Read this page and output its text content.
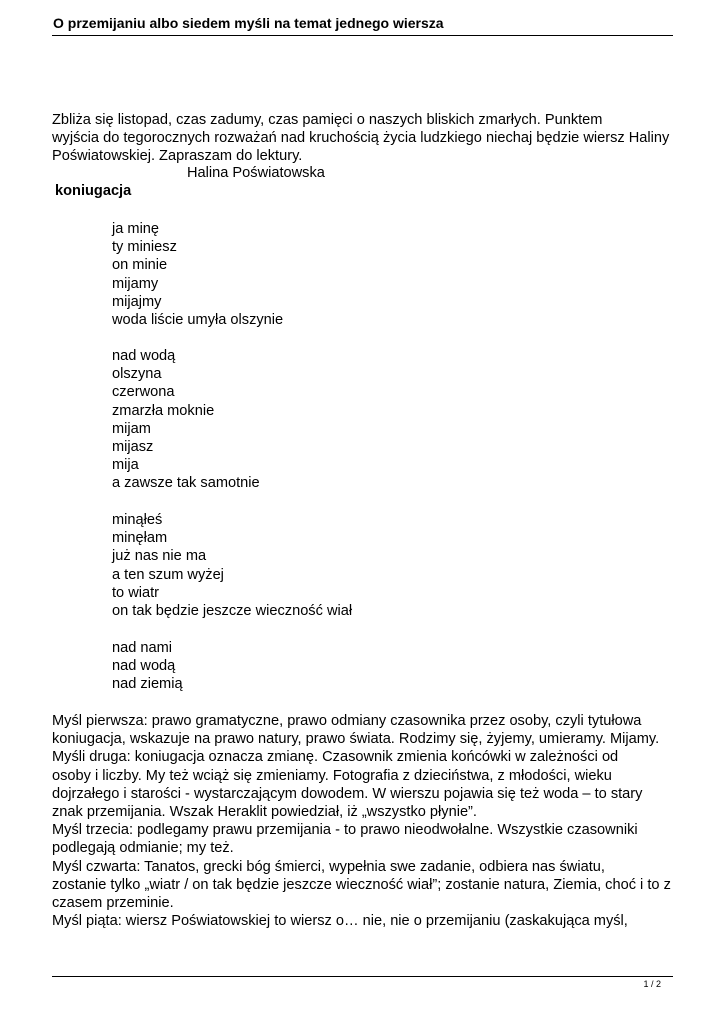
O przemijaniu albo siedem myśli na temat jednego wiersza
Zbliża się listopad, czas zadumy, czas pamięci o naszych bliskich zmarłych. Punktem
wyjścia do tegorocznych rozważań nad kruchością życia ludzkiego niechaj będzie wiersz Haliny
Poświatowskiej. Zapraszam do lektury.
Halina Poświatowska
koniugacja
ja minę
ty miniesz
on minie
mijamy
mijajmy
woda liście umyła olszynie
nad wodą
olszyna
czerwona
zmarzła moknie
mijam
mijasz
mija
a zawsze tak samotnie
minąłeś
minęłam
już nas nie ma
a ten szum wyżej
to wiatr
on tak będzie jeszcze wieczność wiał
nad nami
nad wodą
nad ziemią
Myśl pierwsza: prawo gramatyczne, prawo odmiany czasownika przez osoby, czyli tytułowa
koniugacja, wskazuje na prawo natury, prawo świata. Rodzimy się, żyjemy, umieramy. Mijamy.
Myśli druga: koniugacja oznacza zmianę. Czasownik zmienia końcówki w zależności od
osoby i liczby. My też wciąż się zmieniamy. Fotografia z dzieciństwa, z młodości, wieku
dojrzałego i starości - wystarczającym dowodem. W wierszu pojawia się też woda – to stary
znak przemijania. Wszak Heraklit powiedział, iż „wszystko płynie”.
Myśl trzecia: podlegamy prawu przemijania - to prawo nieodwołalne. Wszystkie czasowniki
podlegają odmianie; my też.
Myśl czwarta: Tanatos, grecki bóg śmierci, wypełnia swe zadanie, odbiera nas światu,
zostanie tylko „wiatr / on tak będzie jeszcze wieczność wiał”; zostanie natura, Ziemia, choć i to z
czasem przeminie.
Myśl piąta: wiersz Poświatowskiej to wiersz o… nie, nie o przemijaniu (zaskakująca myśl,
1 / 2
